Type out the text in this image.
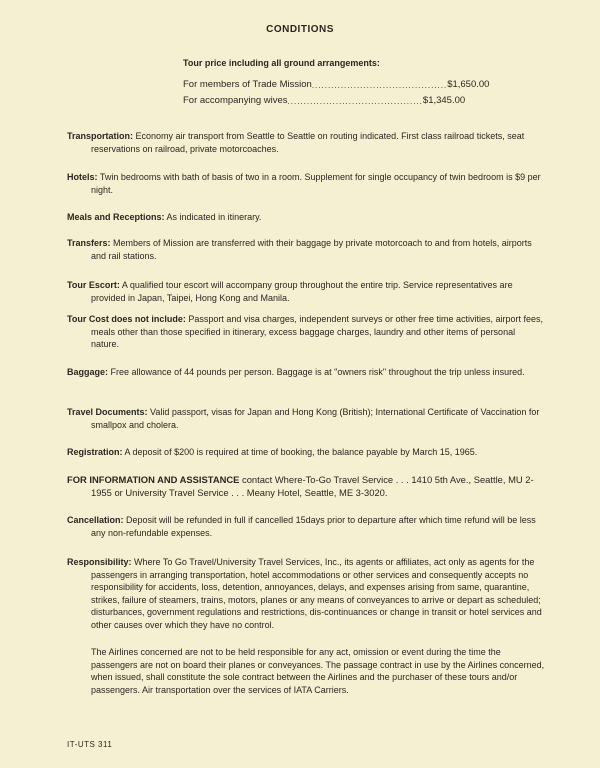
CONDITIONS
Tour price including all ground arrangements:
For members of Trade Mission .......................................... $1,650.00
For accompanying wives .......................................... $1,345.00
Transportation: Economy air transport from Seattle to Seattle on routing indicated. First class railroad tickets, seat reservations on railroad, private motorcoaches.
Hotels: Twin bedrooms with bath of basis of two in a room. Supplement for single occupancy of twin bedroom is $9 per night.
Meals and Receptions: As indicated in itinerary.
Transfers: Members of Mission are transferred with their baggage by private motorcoach to and from hotels, airports and rail stations.
Tour Escort: A qualified tour escort will accompany group throughout the entire trip. Service representatives are provided in Japan, Taipei, Hong Kong and Manila.
Tour Cost does not include: Passport and visa charges, independent surveys or other free time activities, airport fees, meals other than those specified in itinerary, excess baggage charges, laundry and other items of personal nature.
Baggage: Free allowance of 44 pounds per person. Baggage is at "owners risk" throughout the trip unless insured.
Travel Documents: Valid passport, visas for Japan and Hong Kong (British); International Certificate of Vaccination for smallpox and cholera.
Registration: A deposit of $200 is required at time of booking, the balance payable by March 15, 1965.
FOR INFORMATION AND ASSISTANCE contact Where-To-Go Travel Service . . . 1410 5th Ave., Seattle, MU 2-1955 or University Travel Service . . . Meany Hotel, Seattle, ME 3-3020.
Cancellation: Deposit will be refunded in full if cancelled 15days prior to departure after which time refund will be less any non-refundable expenses.
Responsibility: Where To Go Travel/University Travel Services, Inc., its agents or affiliates, act only as agents for the passengers in arranging transportation, hotel accommodations or other services and consequently accepts no responsibility for accidents, loss, detention, annoyances, delays, and expenses arising from same, quarantine, strikes, failure of steamers, trains, motors, planes or any means of conveyances to arrive or depart as scheduled; disturbances, government regulations and restrictions, dis-continuances or change in transit or hotel services and other causes over which they have no control.
The Airlines concerned are not to be held responsible for any act, omission or event during the time the passengers are not on board their planes or conveyances. The passage contract in use by the Airlines concerned, when issued, shall constitute the sole contract between the Airlines and the purchaser of these tours and/or passengers. Air transportation over the services of IATA Carriers.
IT-UTS 311
